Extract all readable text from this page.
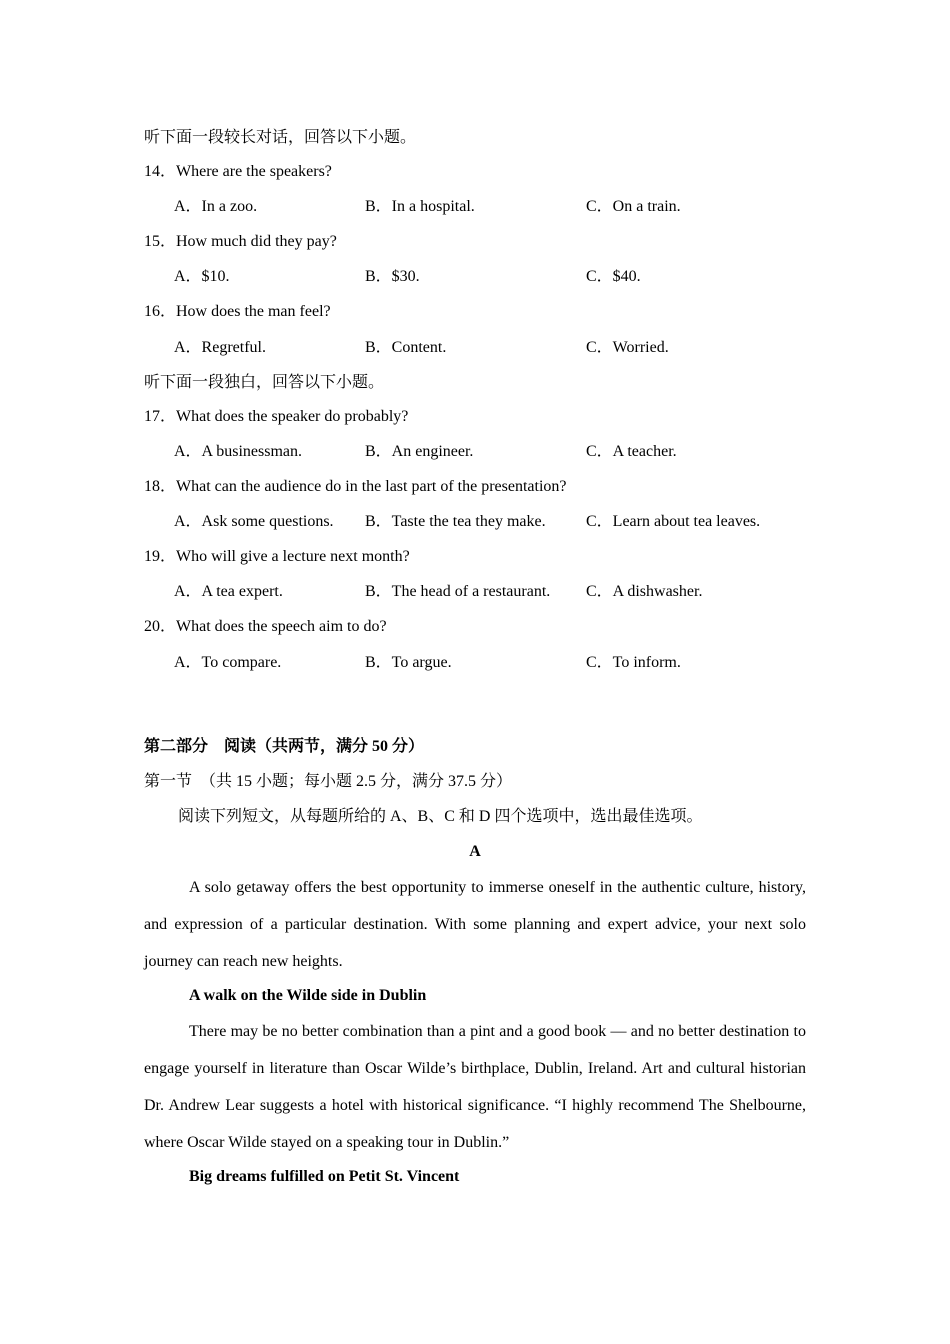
听下面一段较长对话，回答以下小题。
14．Where are the speakers?
A．In a zoo.	B．In a hospital.	C．On a train.
15．How much did they pay?
A．$10.	B．$30.	C．$40.
16．How does the man feel?
A．Regretful.	B．Content.	C．Worried.
听下面一段独白，回答以下小题。
17．What does the speaker do probably?
A．A businessman.	B．An engineer.	C．A teacher.
18．What can the audience do in the last part of the presentation?
A．Ask some questions. B．Taste the tea they make.	C．Learn about tea leaves.
19．Who will give a lecture next month?
A．A tea expert.	B．The head of a restaurant. C．A dishwasher.
20．What does the speech aim to do?
A．To compare.	B．To argue.	C．To inform.
第二部分　阅读（共两节，满分 50 分）
第一节　（共 15 小题；每小题 2.5 分，满分 37.5 分）
阅读下列短文，从每题所给的 A、B、C 和 D 四个选项中，选出最佳选项。
A
A solo getaway offers the best opportunity to immerse oneself in the authentic culture, history, and expression of a particular destination. With some planning and expert advice, your next solo journey can reach new heights.
A walk on the Wilde side in Dublin
There may be no better combination than a pint and a good book — and no better destination to engage yourself in literature than Oscar Wilde’s birthplace, Dublin, Ireland. Art and cultural historian Dr. Andrew Lear suggests a hotel with historical significance. “I highly recommend The Shelbourne, where Oscar Wilde stayed on a speaking tour in Dublin.”
Big dreams fulfilled on Petit St. Vincent
